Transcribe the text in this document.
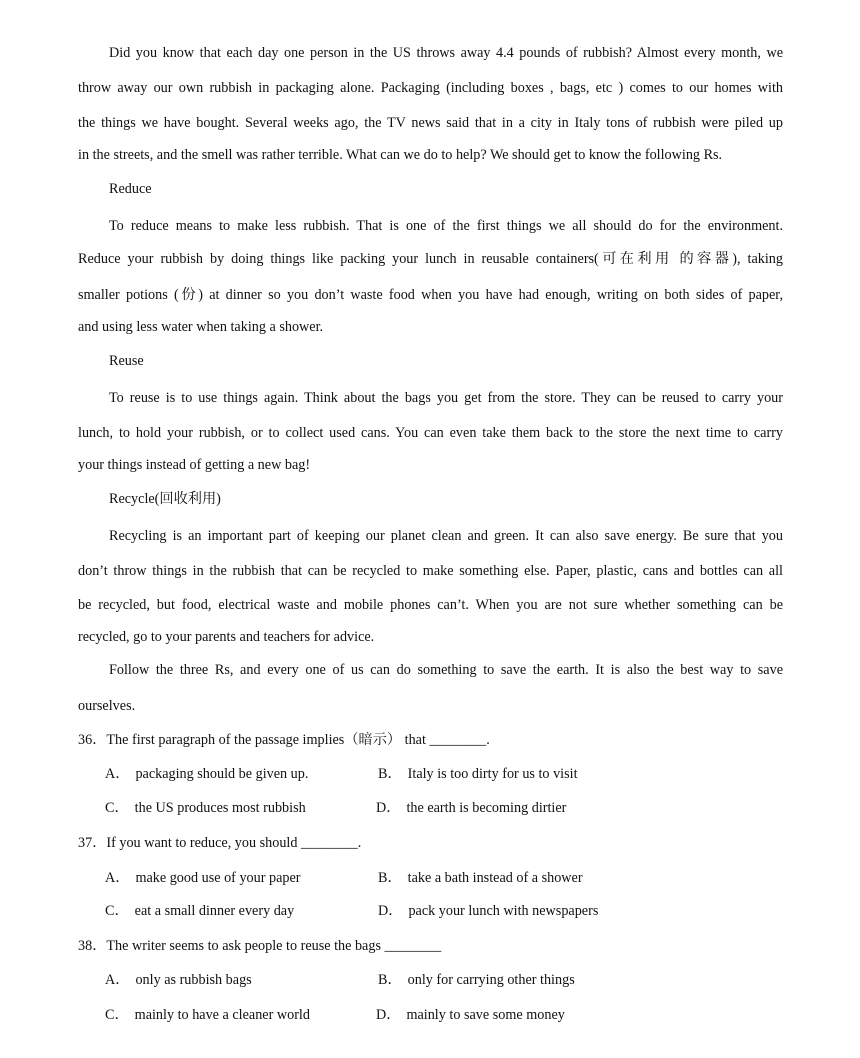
Did you know that each day one person in the US throws away 4.4 pounds of rubbish? Almost every month, we
throw away our own rubbish in packaging alone. Packaging (including boxes , bags, etc ) comes to our homes with
the things we have bought. Several weeks ago, the TV news said that in a city in Italy tons of rubbish were piled up
in the streets, and the smell was rather terrible. What can we do to help? We should get to know the following Rs.
Reduce
To reduce means to make less rubbish. That is one of the first things we all should do for the environment.
Reduce your rubbish by doing things like packing your lunch in reusable containers(可在利用 的容器), taking
smaller potions (份) at dinner so you don’t waste food when you have had enough, writing on both sides of paper,
and using less water when taking a shower.
Reuse
To reuse is to use things again. Think about the bags you get from the store. They can be reused to carry your
lunch, to hold your rubbish, or to collect used cans. You can even take them back to the store the next time to carry
your things instead of getting a new bag!
Recycle(回收利用)
Recycling is an important part of keeping our planet clean and green. It can also save energy. Be sure that you
don’t throw things in the rubbish that can be recycled to make something else. Paper, plastic, cans and bottles can all
be recycled, but food, electrical waste and mobile phones can’t. When you are not sure whether something can be
recycled, go to your parents and teachers for advice.
Follow the three Rs, and every one of us can do something to save the earth. It is also the best way to save
ourselves.
36．The first paragraph of the passage implies（暗示） that ________.
A． packaging should be given up.	B． Italy is too dirty for us to visit
C． the US produces most rubbish	D． the earth is becoming dirtier
37．If you want to reduce, you should ________.
A． make good use of your paper	B． take a bath instead of a shower
C． eat a small dinner every day	D． pack your lunch with newspapers
38．The writer seems to ask people to reuse the bags ________
A． only as rubbish bags	B． only for carrying other things
C． mainly to have a cleaner world	D． mainly to save some money
